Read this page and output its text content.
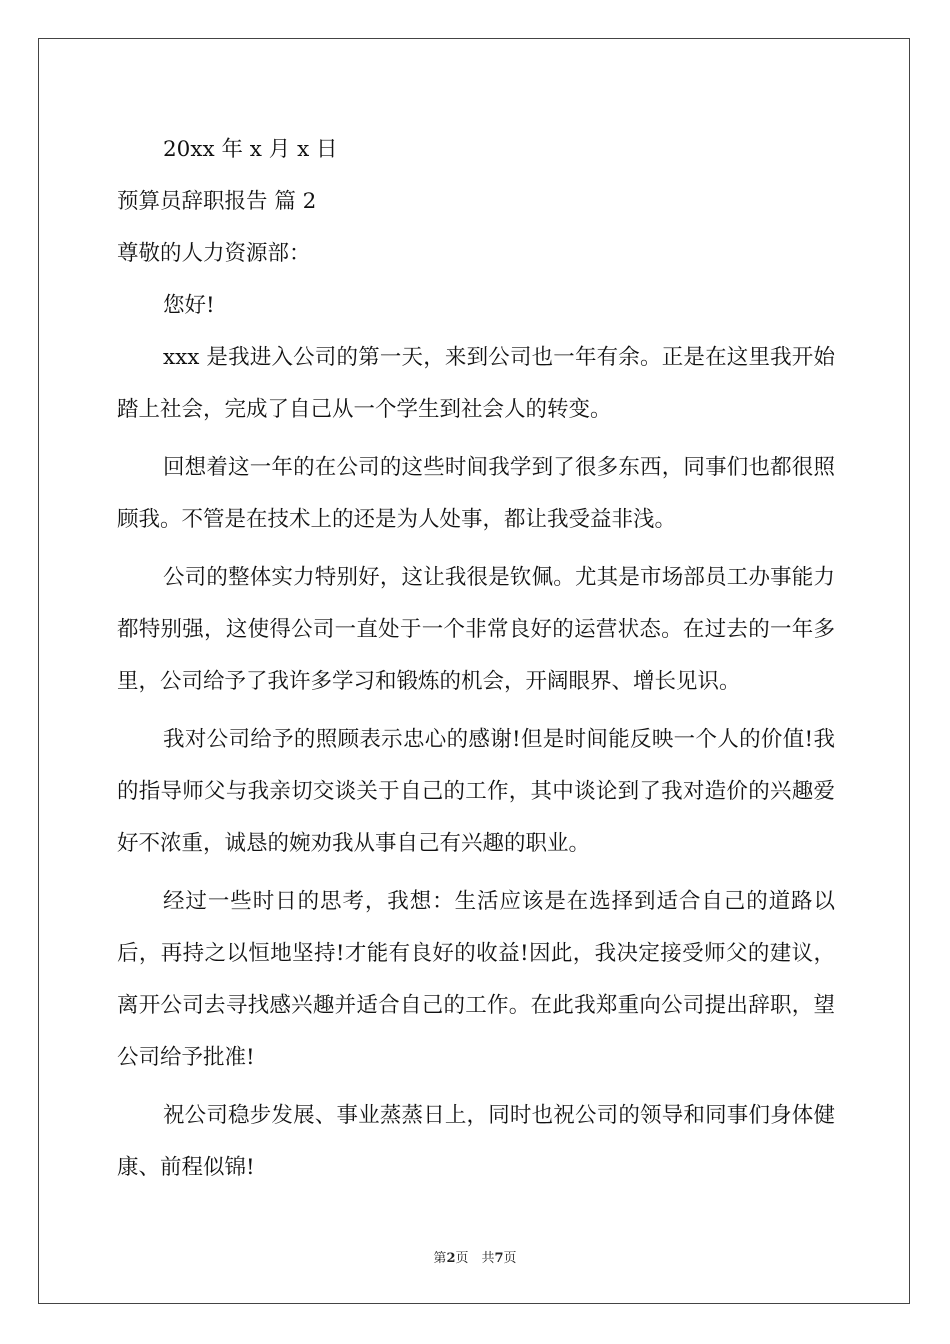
20xx 年 x 月 x 日

预算员辞职报告 篇 2

尊敬的人力资源部：

您好!

xxx 是我进入公司的第一天，来到公司也一年有余。正是在这里我开始踏上社会，完成了自己从一个学生到社会人的转变。

回想着这一年的在公司的这些时间我学到了很多东西，同事们也都很照顾我。不管是在技术上的还是为人处事，都让我受益非浅。

公司的整体实力特别好，这让我很是钦佩。尤其是市场部员工办事能力都特别强，这使得公司一直处于一个非常良好的运营状态。在过去的一年多里，公司给予了我许多学习和锻炼的机会，开阔眼界、增长见识。

我对公司给予的照顾表示忠心的感谢!但是时间能反映一个人的价值!我的指导师父与我亲切交谈关于自己的工作，其中谈论到了我对造价的兴趣爱好不浓重，诚恳的婉劝我从事自己有兴趣的职业。

经过一些时日的思考，我想：生活应该是在选择到适合自己的道路以后，再持之以恒地坚持!才能有良好的收益!因此，我决定接受师父的建议，离开公司去寻找感兴趣并适合自己的工作。在此我郑重向公司提出辞职，望公司给予批准!

祝公司稳步发展、事业蒸蒸日上，同时也祝公司的领导和同事们身体健康、前程似锦!

第2页　共7页
